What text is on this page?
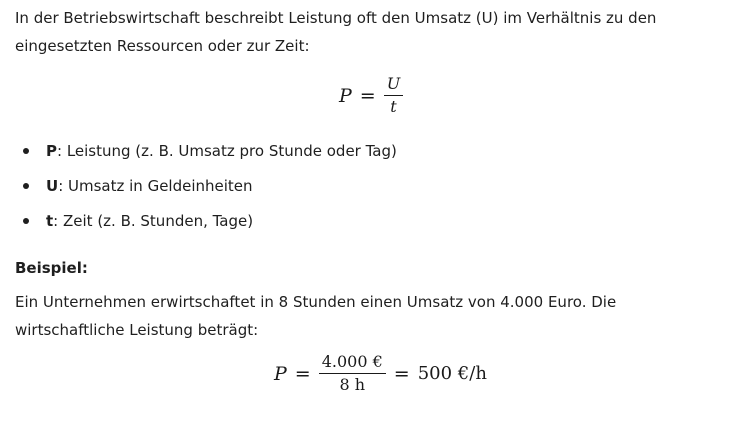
In der Betriebswirtschaft beschreibt Leistung oft den Umsatz (U) im Verhältnis zu den eingesetzten Ressourcen oder zur Zeit:

$P = \frac{U}{t}$
P: Leistung (z. B. Umsatz pro Stunde oder Tag)
U: Umsatz in Geldeinheiten
t: Zeit (z. B. Stunden, Tage)

Beispiel:

Ein Unternehmen erwirtschaftet in 8 Stunden einen Umsatz von 4.000 Euro. Die wirtschaftliche Leistung beträgt:

$P = \frac{4.000 €}{8 h} = 500$ €/h
